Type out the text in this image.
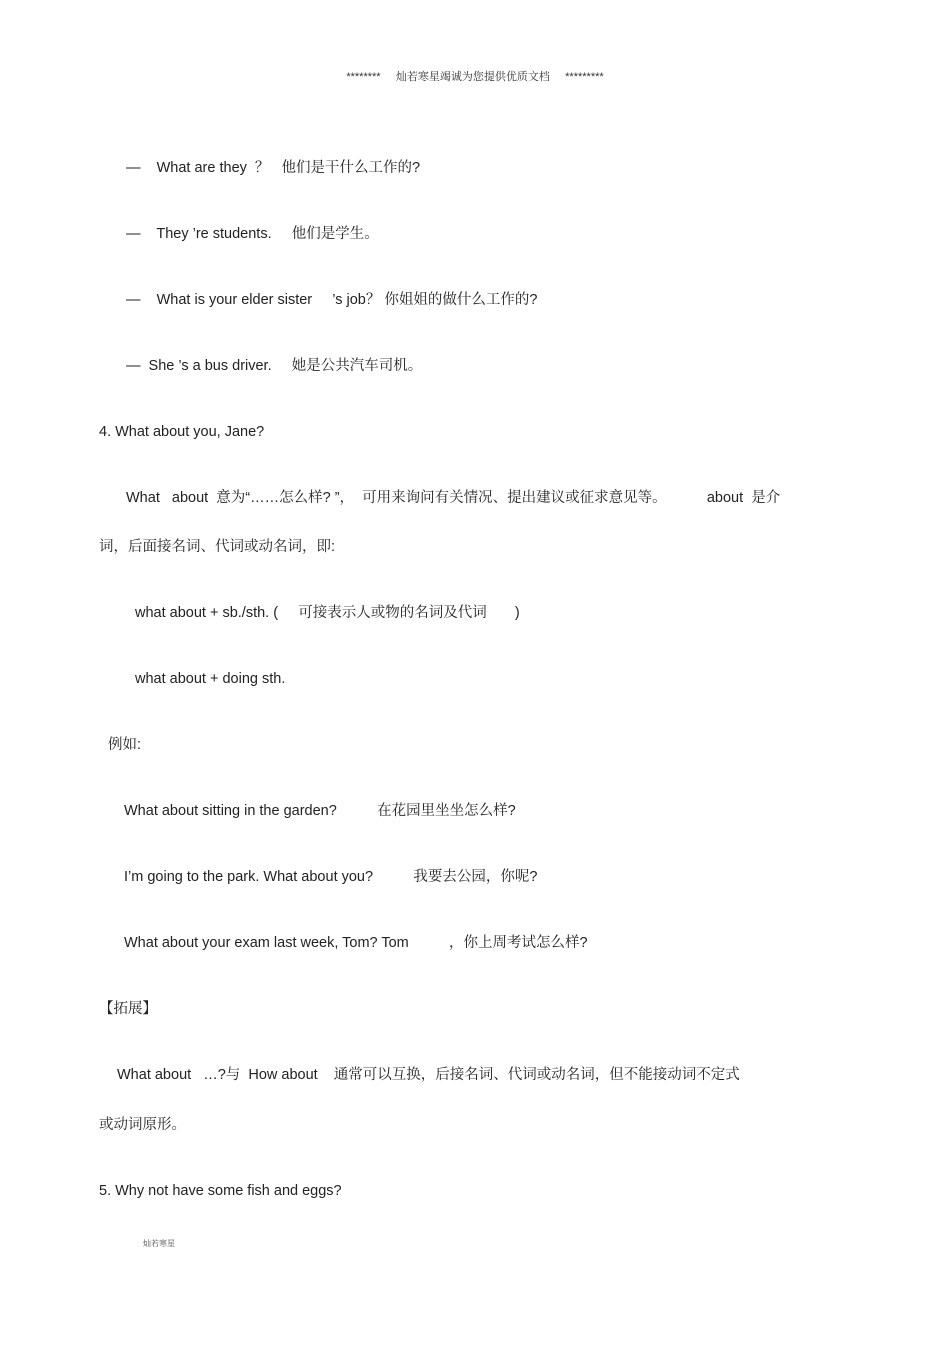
********     灿若寒星竭诚为您提供优质文档     *********
—    What are they  ？   他们是干什么工作的?
—    They ’re students.     他们是学生。
—    What is your elder sister     ’s job？ 你姐姐的做什么工作的?
—  She ’s a bus driver.     她是公共汽车司机。
4. What about you, Jane?
What   about  意为“……怎么样? ”，  可用来询问有关情况、提出建议或征求意见等。          about  是介
词，后面接名词、代词或动名词，即:
what about + sb./sth. (     可接表示人或物的名词及代词       )
what about + doing sth.
例如:
What about sitting in the garden?          在花园里坐坐怎么样?
I’m going to the park. What about you?          我要去公园，你呢?
What about your exam last week, Tom? Tom          ，你上周考试怎么样?
【拓展】
What about   …?与  How about    通常可以互换，后接名词、代词或动名词，但不能接动词不定式
或动词原形。
5. Why not have some fish and eggs?
灿若寒星
